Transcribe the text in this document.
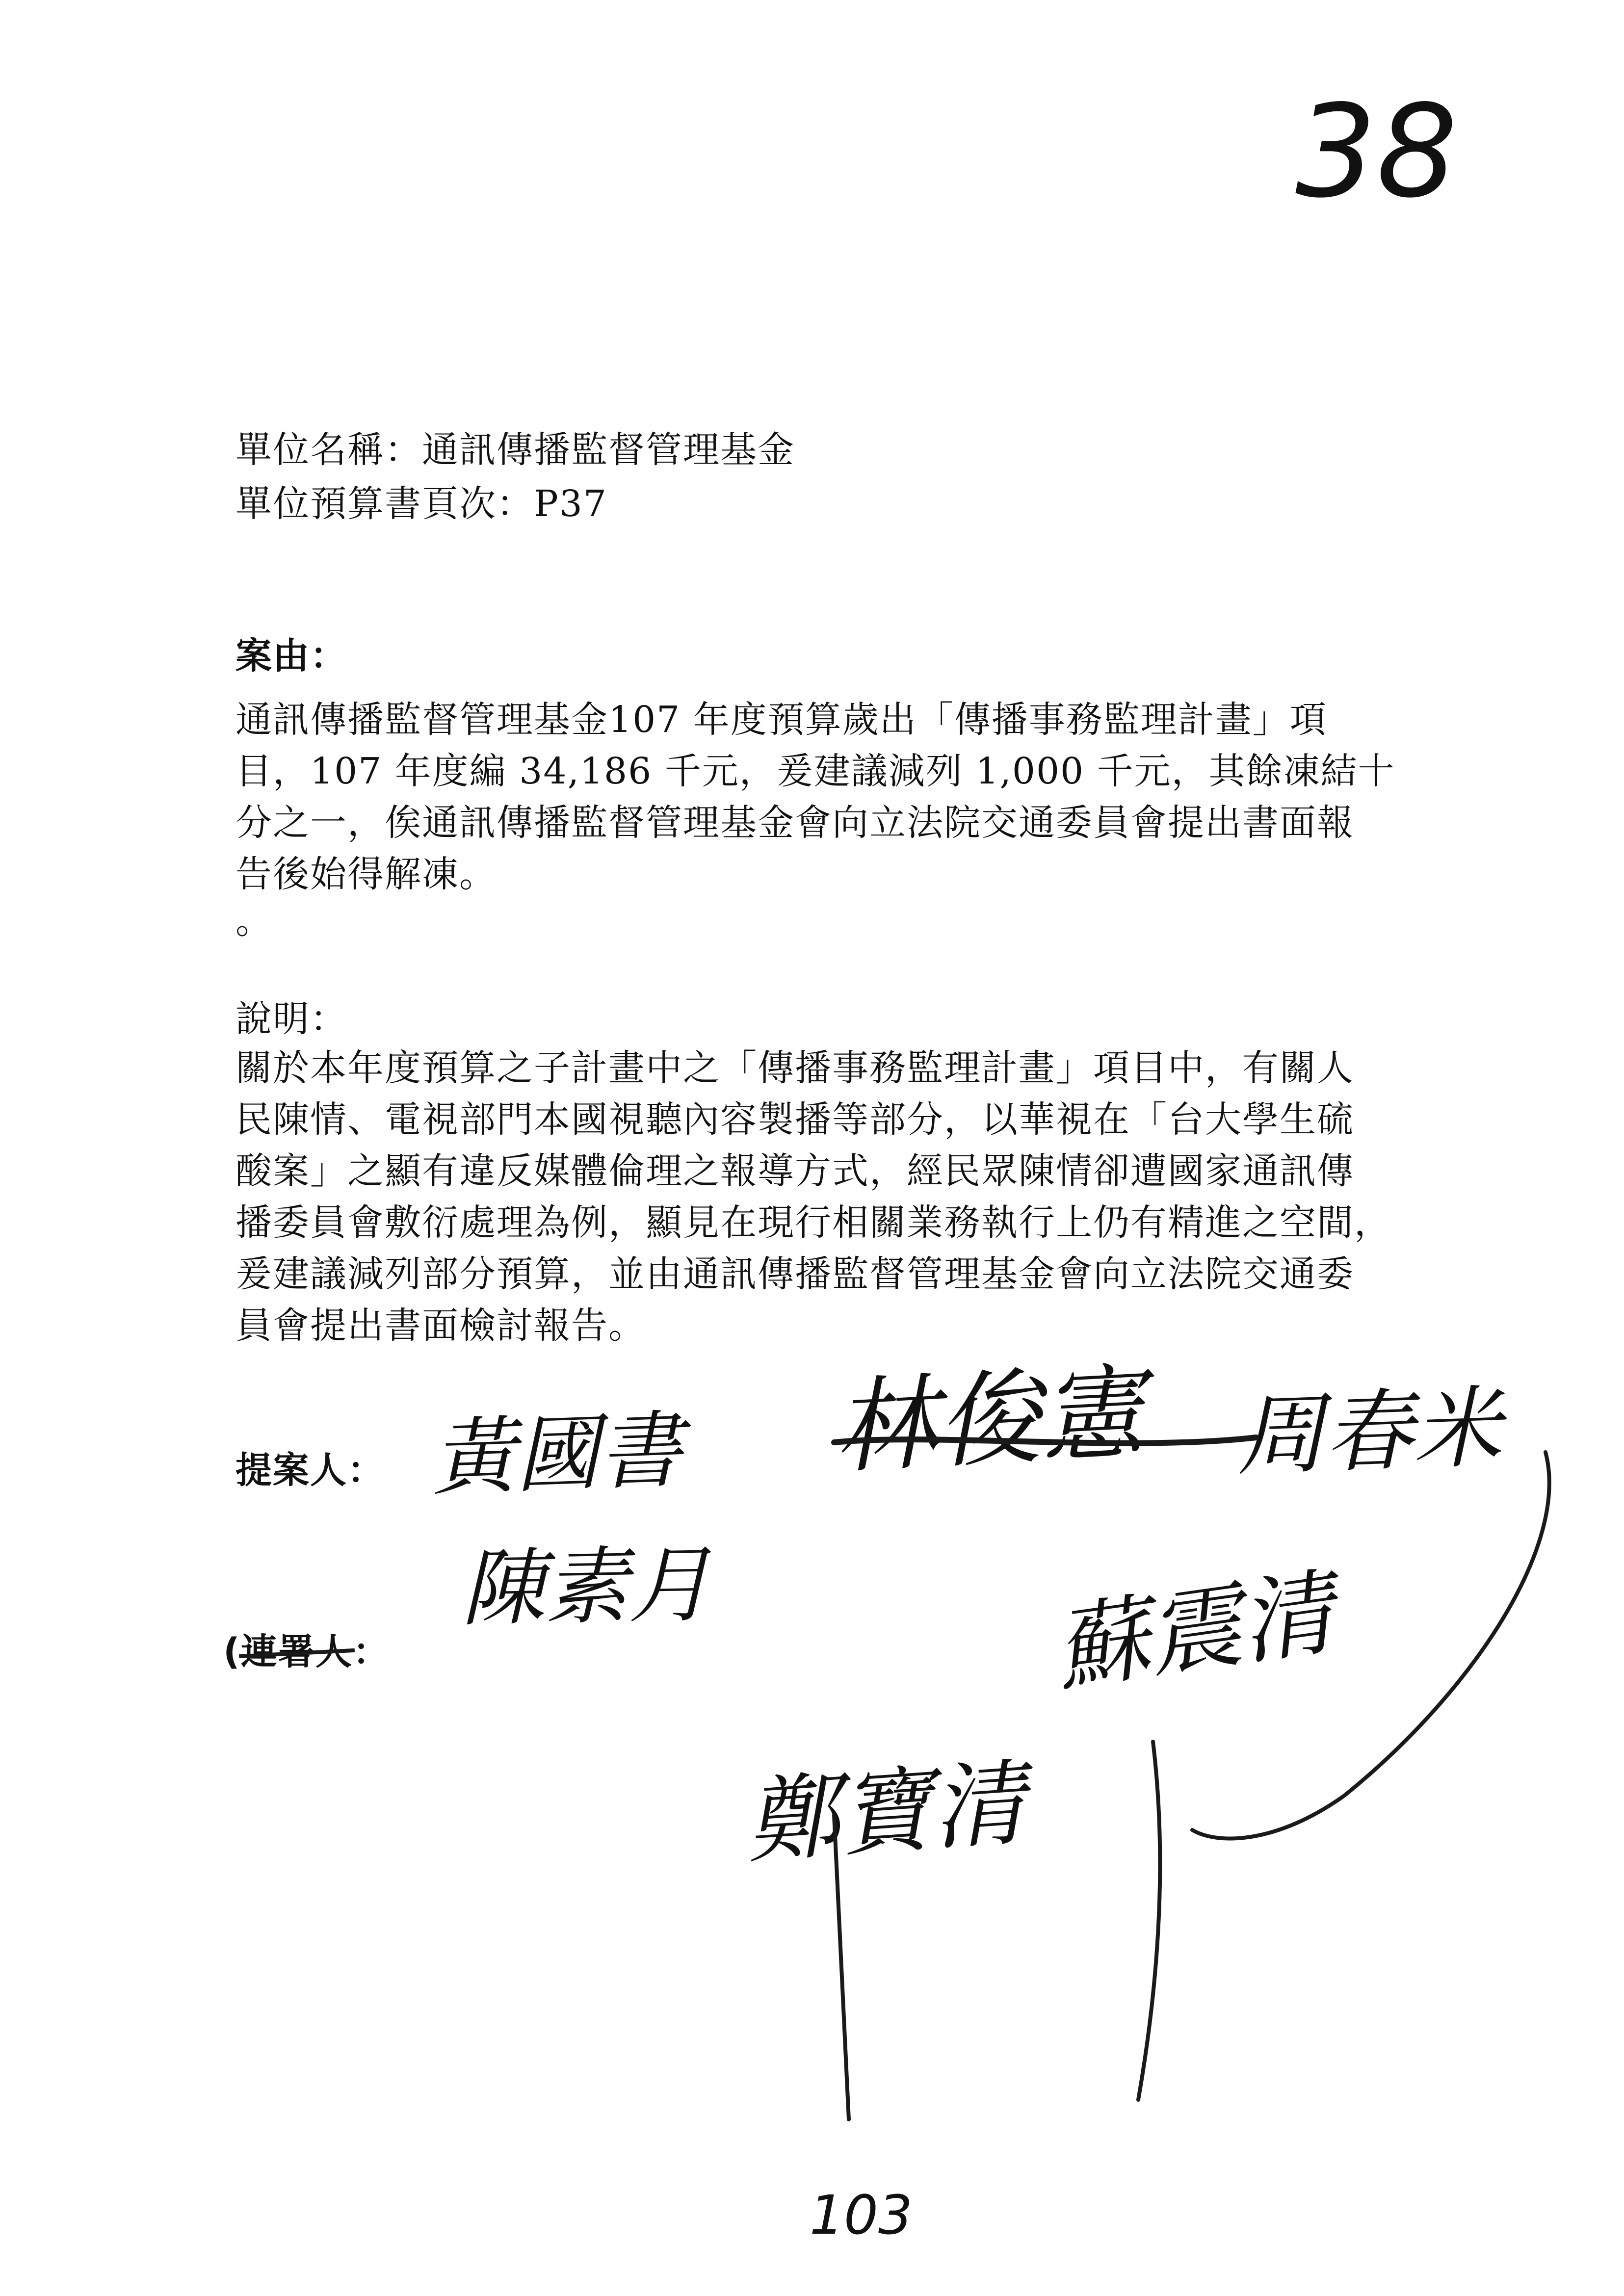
38
單位名稱：通訊傳播監督管理基金
單位預算書頁次：P37
案由：
通訊傳播監督管理基金107 年度預算歲出「傳播事務監理計畫」項
目，107 年度編 34,186 千元，爰建議減列 1,000 千元，其餘凍結十
分之一，俟通訊傳播監督管理基金會向立法院交通委員會提出書面報
告後始得解凍。
。
說明：
關於本年度預算之子計畫中之「傳播事務監理計畫」項目中，有關人
民陳情、電視部門本國視聽內容製播等部分，以華視在「台大學生硫
酸案」之顯有違反媒體倫理之報導方式，經民眾陳情卻遭國家通訊傳
播委員會敷衍處理為例，顯見在現行相關業務執行上仍有精進之空間，
爰建議減列部分預算，並由通訊傳播監督管理基金會向立法院交通委
員會提出書面檢討報告。
提案人：
(連署人：
黃國書 林俊憲 周春米
陳素月	蘇震清
鄭寶清
103
